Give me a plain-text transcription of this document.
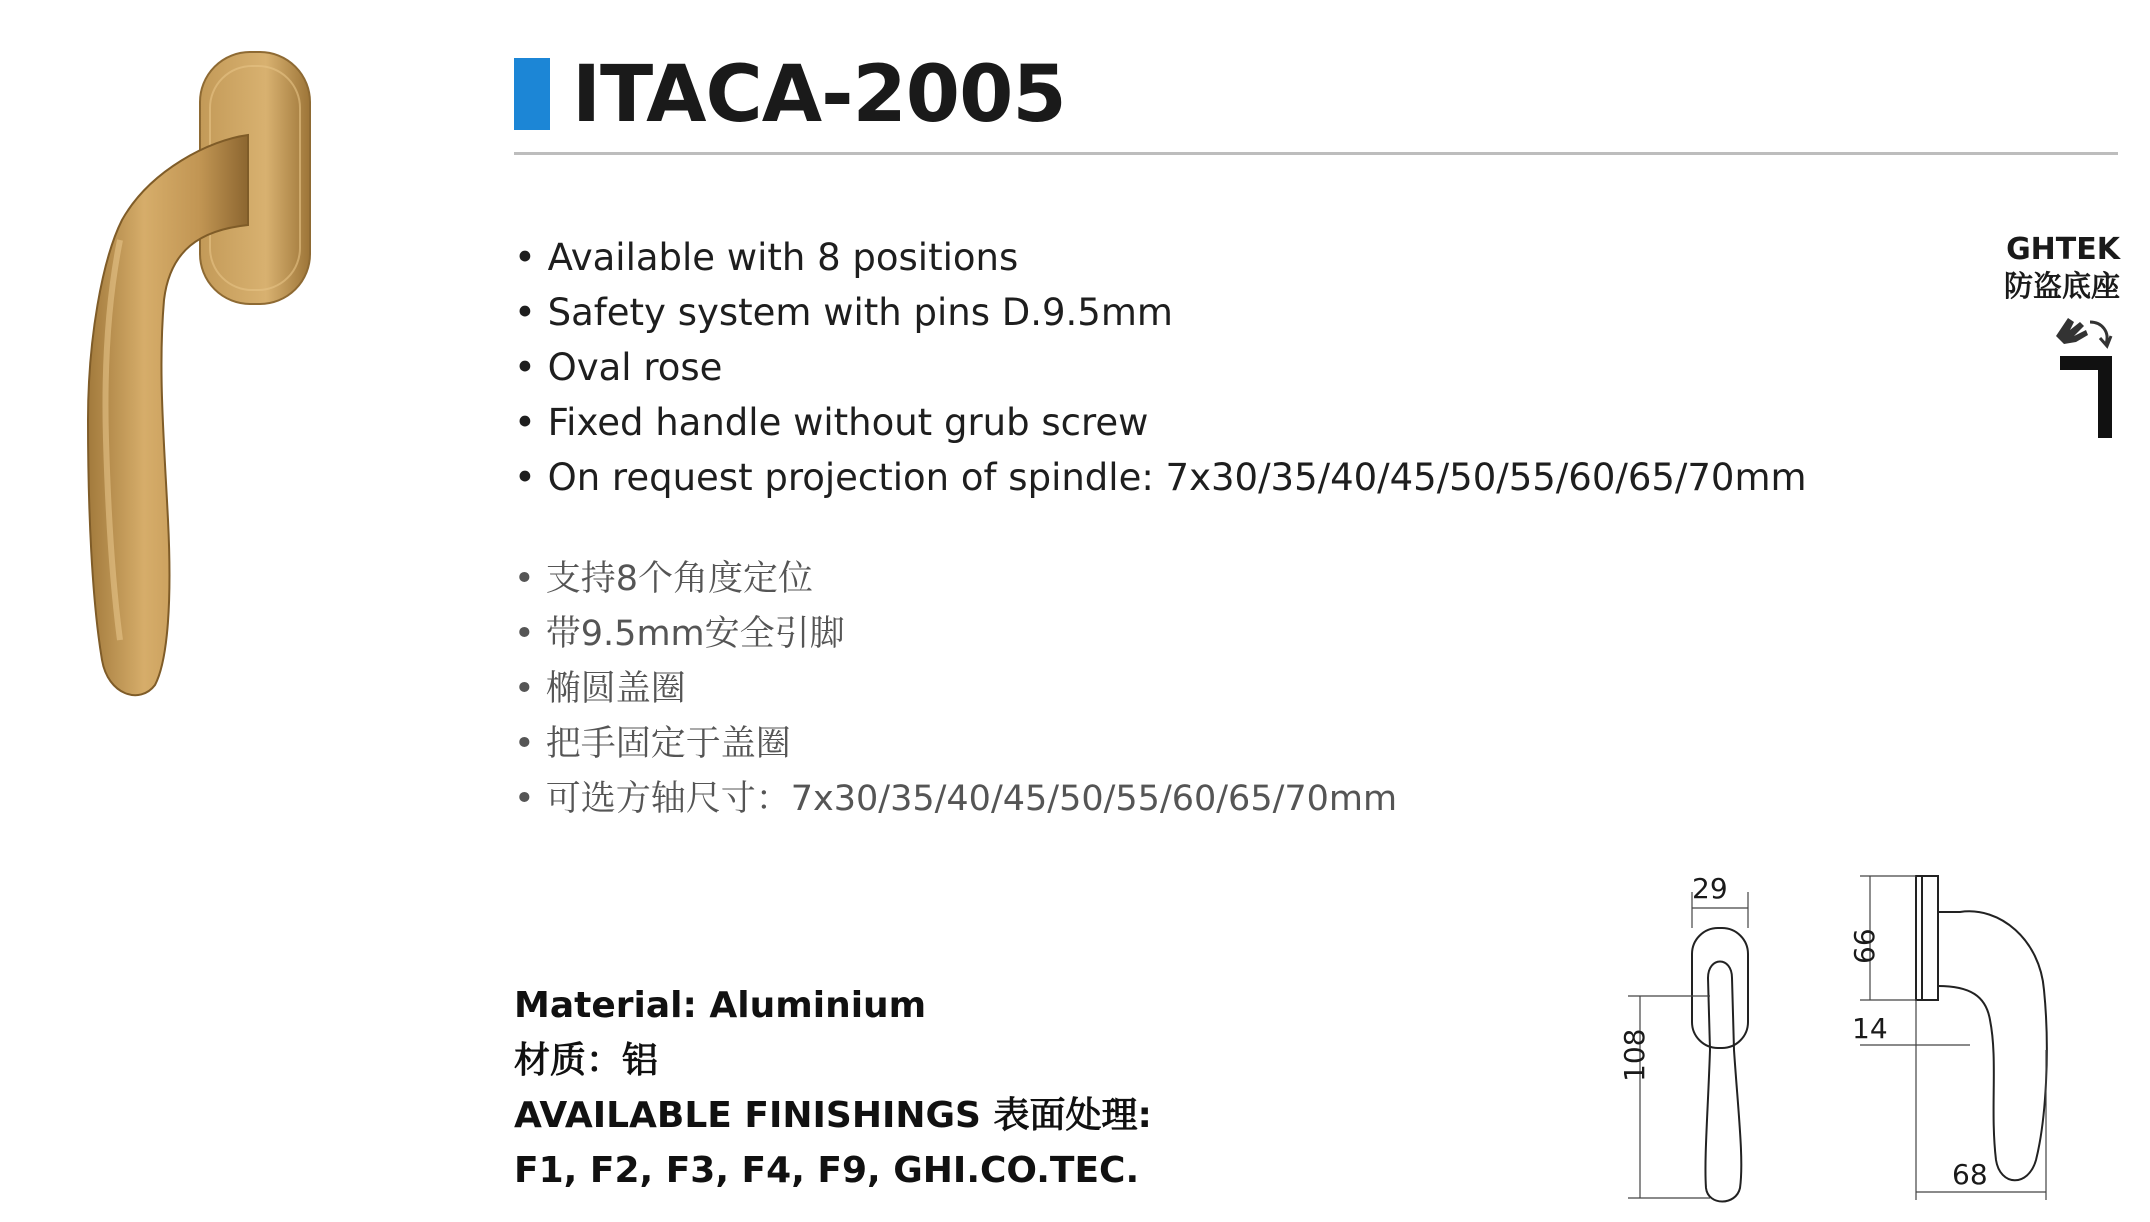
ITACA-2005
• Available with 8 positions
• Safety system with pins D.9.5mm
• Oval rose
• Fixed handle without grub screw
• On request projection of spindle: 7x30/35/40/45/50/55/60/65/70mm
• 支持8个角度定位
• 带9.5mm安全引脚
• 椭圆盖圈
• 把手固定于盖圈
• 可选方轴尺寸：7x30/35/40/45/50/55/60/65/70mm
Material: Aluminium
材质：铝
AVAILABLE FINISHINGS 表面处理:
F1, F2, F3, F4, F9, GHI.CO.TEC.
GHTEK
防盗底座
29
108
66
14
68
